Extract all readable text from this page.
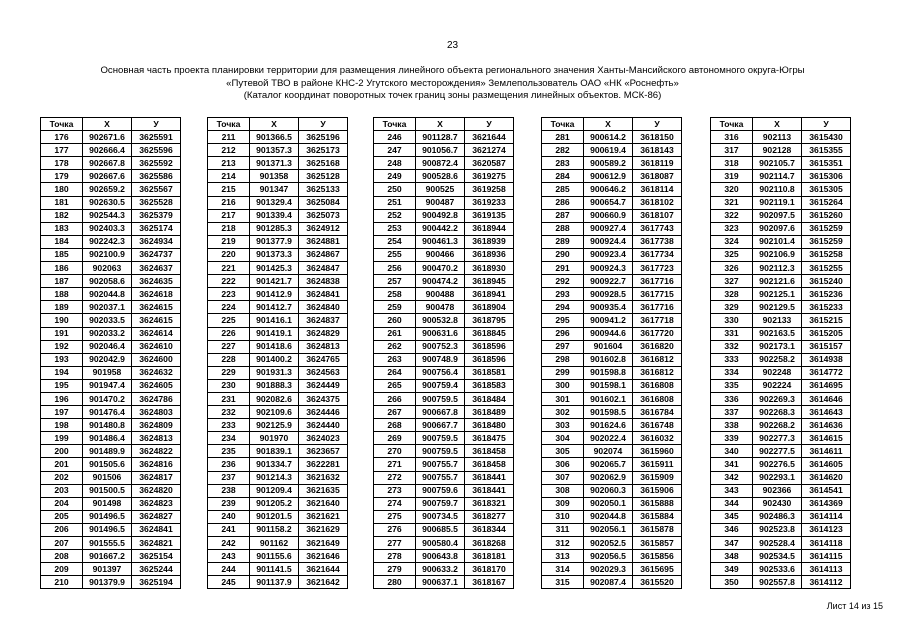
23
Основная часть проекта планировки территории для размещения линейного объекта регионального значения Ханты-Мансийского автономного округа-Югры
«Путевой ТВО в районе КНС-2 Угутского месторождения» Землепользователь ОАО «НК «Роснефть»
(Каталог координат поворотных точек границ зоны размещения линейных объектов. МСК-86)
Точка	X	У
176	902671.6	3625591
177	902666.4	3625596
178	902667.8	3625592
179	902667.6	3625586
180	902659.2	3625567
181	902630.5	3625528
182	902544.3	3625379
183	902403.3	3625174
184	902242.3	3624934
185	902100.9	3624737
186	902063	3624637
187	902058.6	3624635
188	902044.8	3624618
189	902037.1	3624615
190	902033.5	3624615
191	902033.2	3624614
192	902046.4	3624610
193	902042.9	3624600
194	901958	3624632
195	901947.4	3624605
196	901470.2	3624786
197	901476.4	3624803
198	901480.8	3624809
199	901486.4	3624813
200	901489.9	3624822
201	901505.6	3624816
202	901506	3624817
203	901500.5	3624820
204	901498	3624823
205	901496.5	3624827
206	901496.5	3624841
207	901555.5	3624821
208	901667.2	3625154
209	901397	3625244
210	901379.9	3625194
Точка	X	У
211	901366.5	3625196
212	901357.3	3625173
213	901371.3	3625168
214	901358	3625128
215	901347	3625133
216	901329.4	3625084
217	901339.4	3625073
218	901285.3	3624912
219	901377.9	3624881
220	901373.3	3624867
221	901425.3	3624847
222	901421.7	3624838
223	901412.9	3624841
224	901412.7	3624840
225	901416.1	3624837
226	901419.1	3624829
227	901418.6	3624813
228	901400.2	3624765
229	901931.3	3624563
230	901888.3	3624449
231	902082.6	3624375
232	902109.6	3624446
233	902125.9	3624440
234	901970	3624023
235	901839.1	3623657
236	901334.7	3622281
237	901214.3	3621632
238	901209.4	3621635
239	901205.2	3621640
240	901201.5	3621621
241	901158.2	3621629
242	901162	3621649
243	901155.6	3621646
244	901141.5	3621644
245	901137.9	3621642
Точка	X	У
246	901128.7	3621644
247	901056.7	3621274
248	900872.4	3620587
249	900528.6	3619275
250	900525	3619258
251	900487	3619233
252	900492.8	3619135
253	900442.2	3618944
254	900461.3	3618939
255	900466	3618936
256	900470.2	3618930
257	900474.2	3618945
258	900488	3618941
259	900478	3618904
260	900532.8	3618795
261	900631.6	3618845
262	900752.3	3618596
263	900748.9	3618596
264	900756.4	3618581
265	900759.4	3618583
266	900759.5	3618484
267	900667.8	3618489
268	900667.7	3618480
269	900759.5	3618475
270	900759.5	3618458
271	900755.7	3618458
272	900755.7	3618441
273	900759.6	3618441
274	900759.7	3618321
275	900734.5	3618277
276	900685.5	3618344
277	900580.4	3618268
278	900643.8	3618181
279	900633.2	3618170
280	900637.1	3618167
Точка	X	У
281	900614.2	3618150
282	900619.4	3618143
283	900589.2	3618119
284	900612.9	3618087
285	900646.2	3618114
286	900654.7	3618102
287	900660.9	3618107
288	900927.4	3617743
289	900924.4	3617738
290	900923.4	3617734
291	900924.3	3617723
292	900922.7	3617716
293	900928.5	3617715
294	900935.4	3617716
295	900941.2	3617718
296	900944.6	3617720
297	901604	3616820
298	901602.8	3616812
299	901598.8	3616812
300	901598.1	3616808
301	901602.1	3616808
302	901598.5	3616784
303	901624.6	3616748
304	902022.4	3616032
305	902074	3615960
306	902065.7	3615911
307	902062.9	3615909
308	902060.3	3615906
309	902050.1	3615888
310	902044.8	3615884
311	902056.1	3615878
312	902052.5	3615857
313	902056.5	3615856
314	902029.3	3615695
315	902087.4	3615520
Точка	X	У
316	902113	3615430
317	902128	3615355
318	902105.7	3615351
319	902114.7	3615306
320	902110.8	3615305
321	902119.1	3615264
322	902097.5	3615260
323	902097.6	3615259
324	902101.4	3615259
325	902106.9	3615258
326	902112.3	3615255
327	902121.6	3615240
328	902125.1	3615236
329	902129.5	3615233
330	902133	3615215
331	902163.5	3615205
332	902173.1	3615157
333	902258.2	3614938
334	902248	3614772
335	902224	3614695
336	902269.3	3614646
337	902268.3	3614643
338	902268.2	3614636
339	902277.3	3614615
340	902277.5	3614611
341	902276.5	3614605
342	902293.1	3614620
343	902366	3614541
344	902430	3614369
345	902486.3	3614114
346	902523.8	3614123
347	902528.4	3614118
348	902534.5	3614115
349	902533.6	3614113
350	902557.8	3614112
Лист 14 из 15
